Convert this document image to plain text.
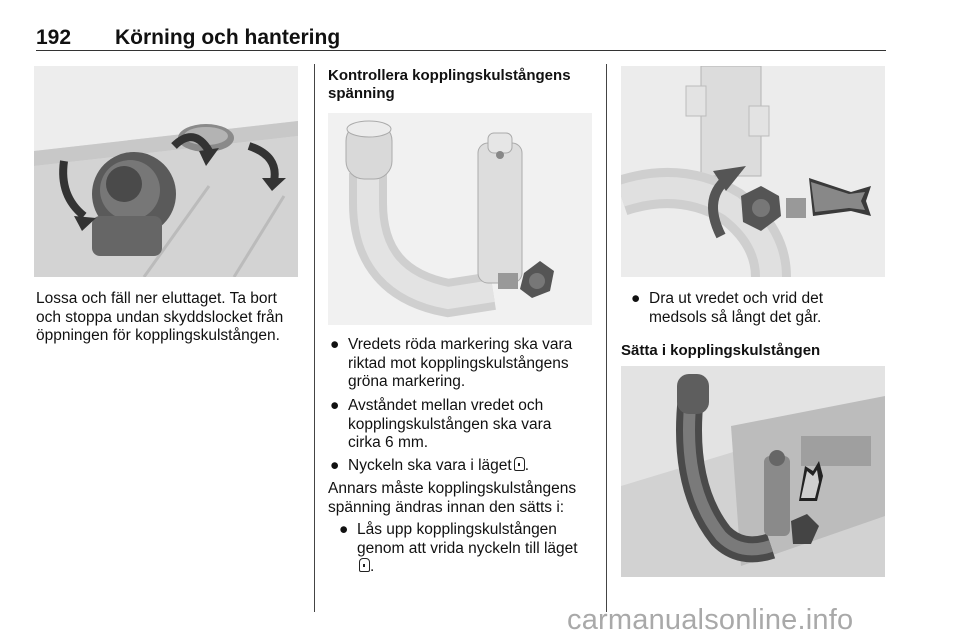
192 Körning och hantering
Lossa och fäll ner eluttaget. Ta bort
och stoppa undan skyddslocket från
öppningen för kopplingskulstången.
Kontrollera kopplingskulstångens
spänning
● Vredets röda markering ska vara
riktad mot kopplingskulstångens
gröna markering.
● Avståndet mellan vredet och
kopplingskulstången ska vara
cirka 6 mm.
● Nyckeln ska vara i läget .
Annars måste kopplingskulstångens
spänning ändras innan den sätts i:
● Lås upp kopplingskulstången
genom att vrida nyckeln till läget
.
● Dra ut vredet och vrid det
medsols så långt det går.
Sätta i kopplingskulstången
carmanualsonline.info
